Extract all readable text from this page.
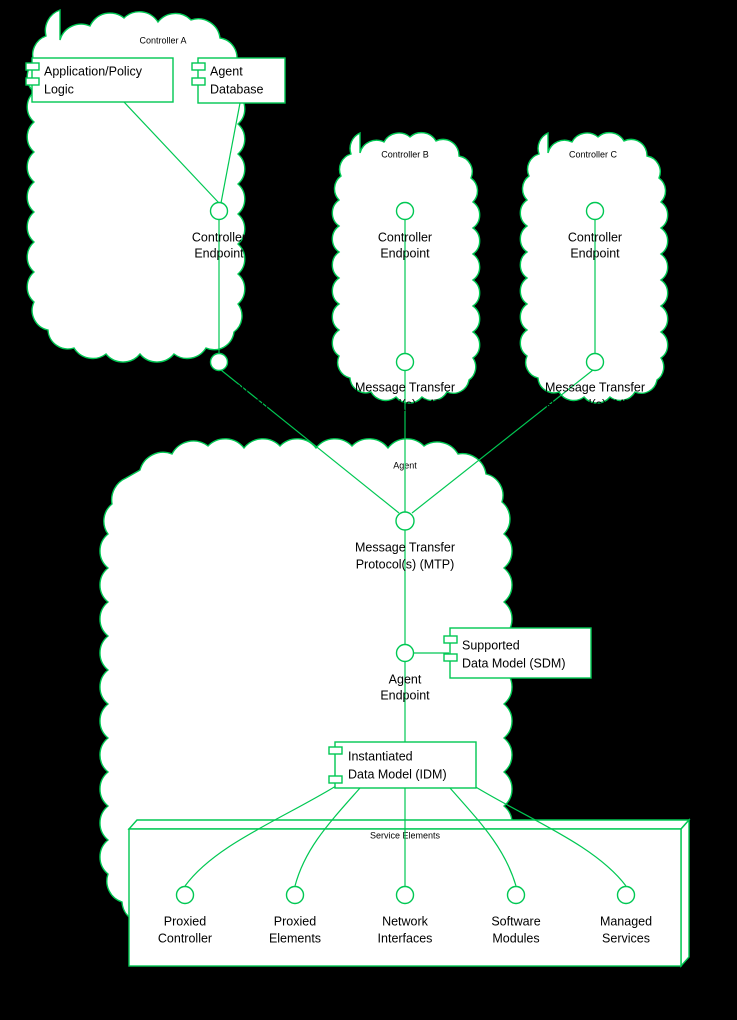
Controller A
Controller B	Controller C
Agent
Service Elements
Application/Policy
Logic
Agent
Database
Supported
Data Model (SDM)
Instantiated
Data Model (IDM)
Controller
Endpoint
Message Transfer
Protocol(s) (MTP)
Controller
Endpoint
Message Transfer
Protocol(s) (MTP)
Controller
Endpoint
Message Transfer
Protocol(s) (MTP)
Message Transfer
Protocol(s) (MTP)
Agent
Endpoint
Proxied
Controller
Proxied
Elements
Network
Interfaces
Software
Modules
Managed
Services
